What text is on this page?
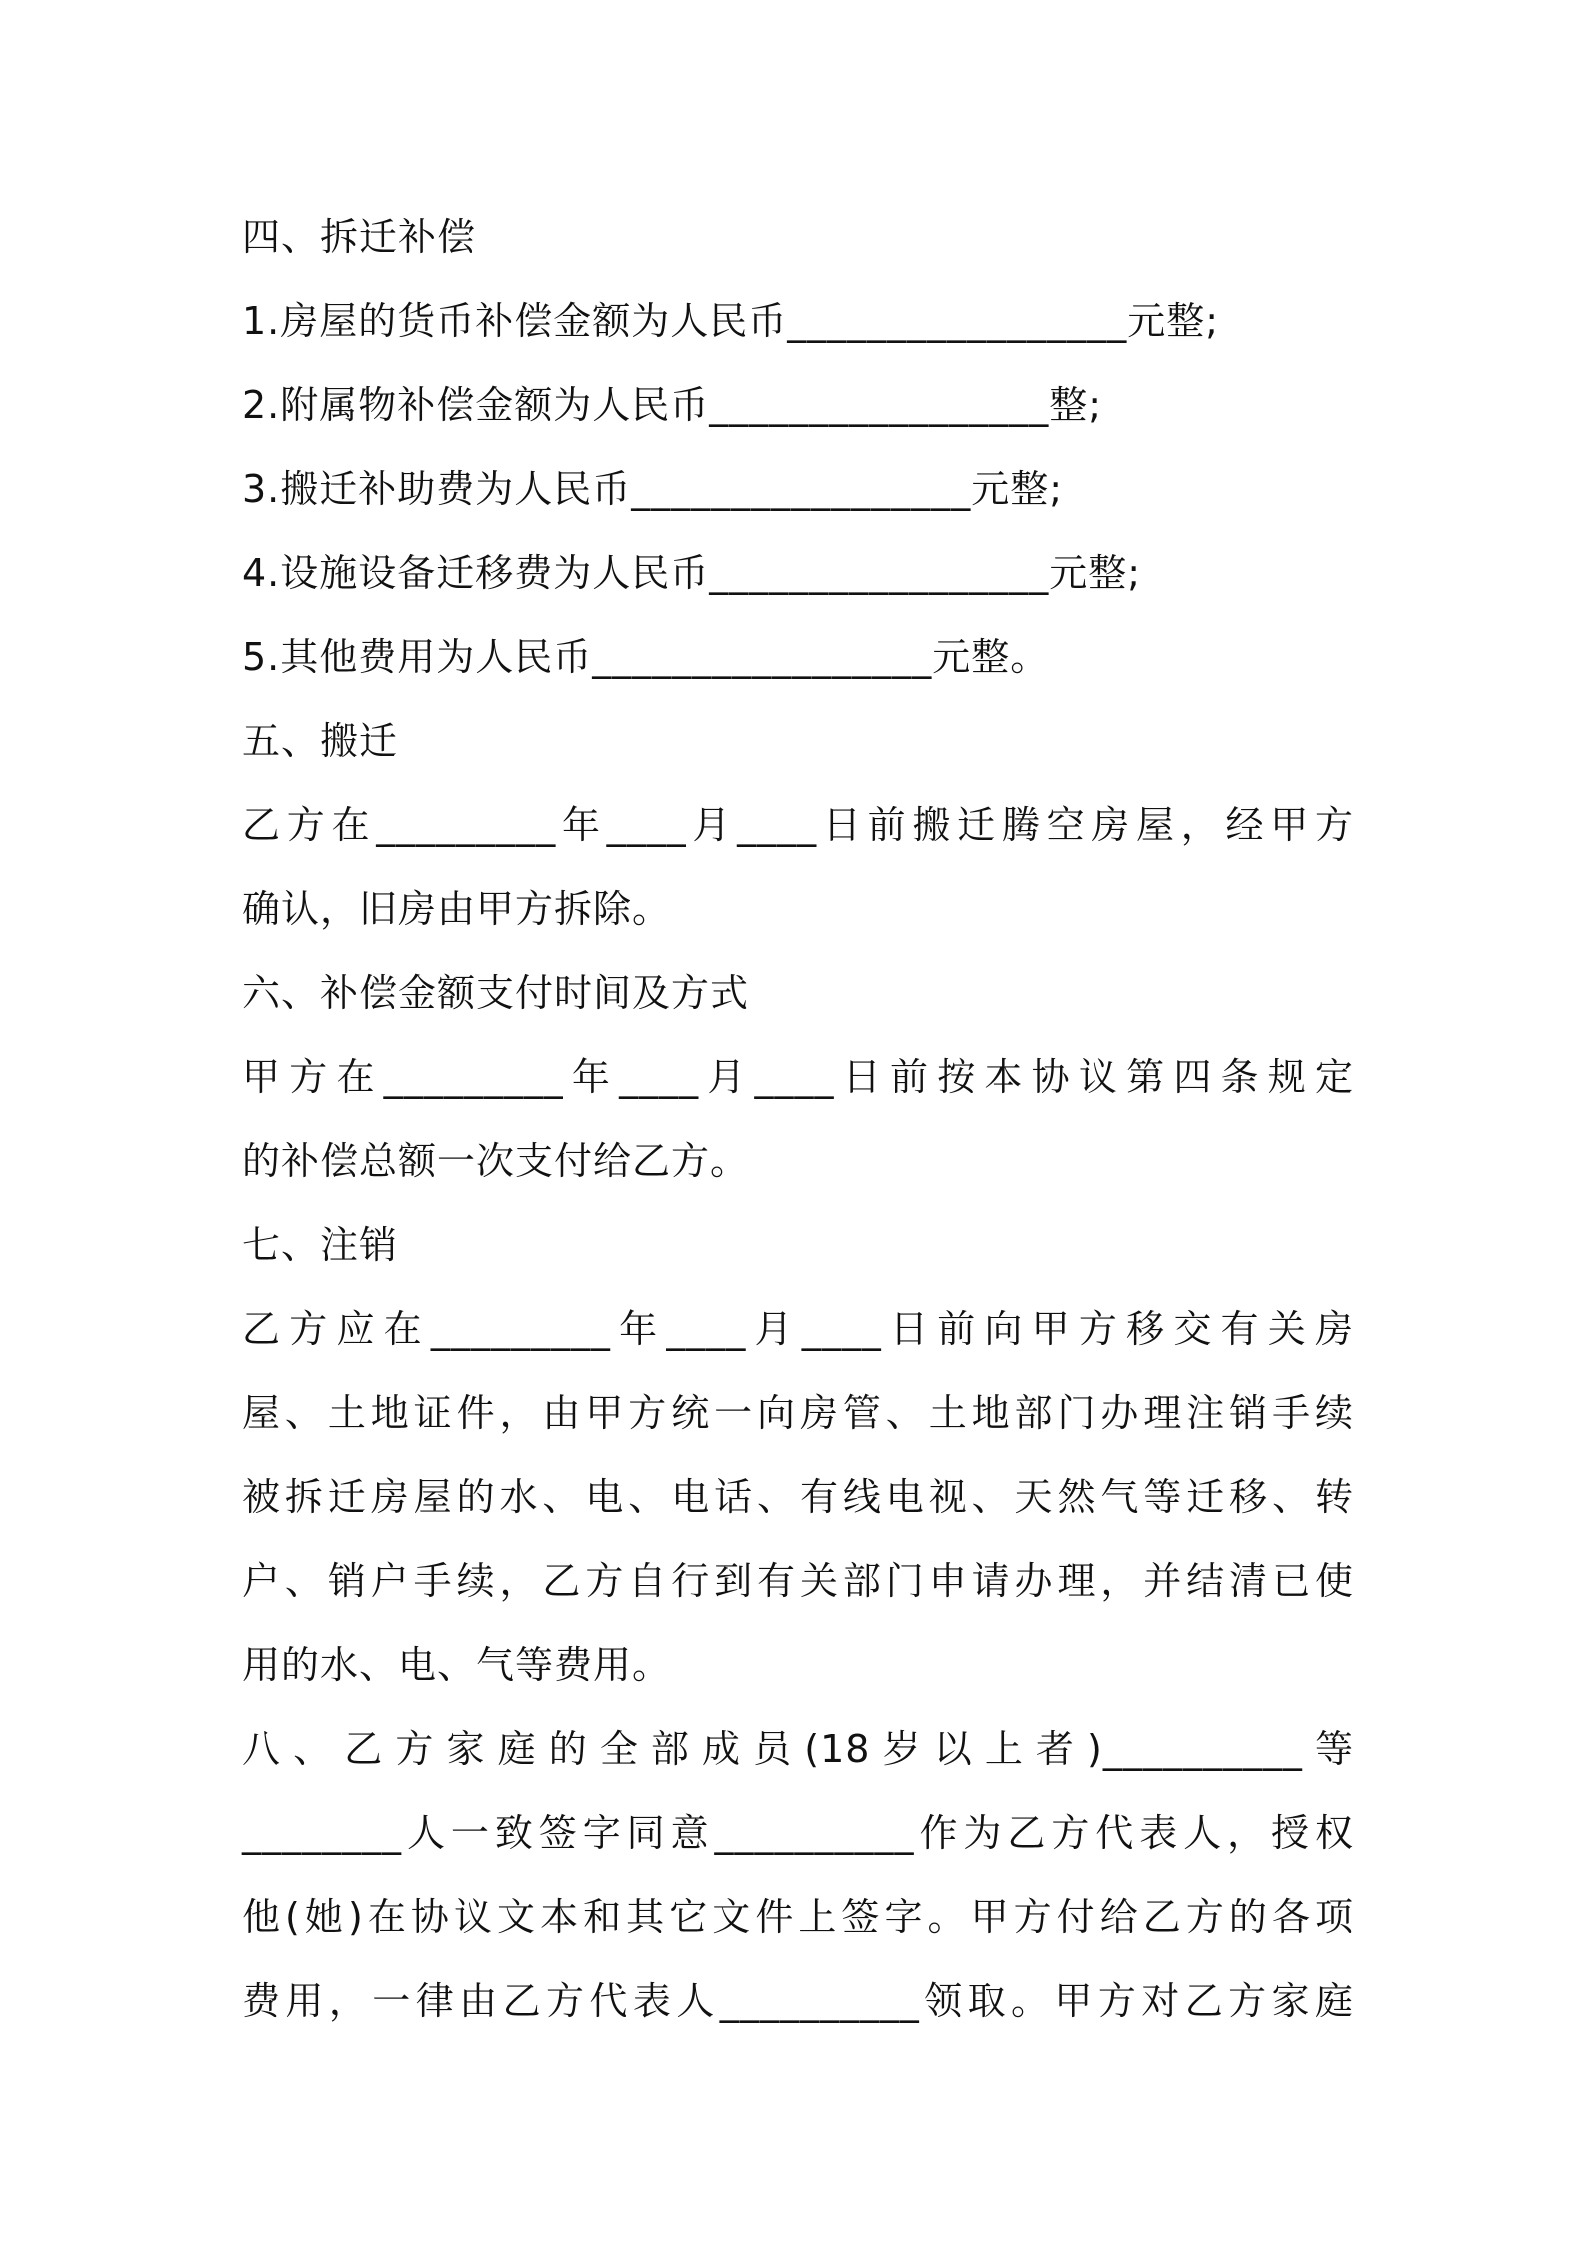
四、拆迁补偿
1.房屋的货币补偿金额为人民币_________________元整;
2.附属物补偿金额为人民币_________________整;
3.搬迁补助费为人民币_________________元整;
4.设施设备迁移费为人民币_________________元整;
5.其他费用为人民币_________________元整。
五、搬迁
乙方在_________年____月____日前搬迁腾空房屋，经甲方
确认，旧房由甲方拆除。
六、补偿金额支付时间及方式
甲方在_________年____月____日前按本协议第四条规定
的补偿总额一次支付给乙方。
七、注销
乙方应在_________年____月____日前向甲方移交有关房
屋、土地证件，由甲方统一向房管、土地部门办理注销手续
被拆迁房屋的水、电、电话、有线电视、天然气等迁移、转
户、销户手续，乙方自行到有关部门申请办理，并结清已使
用的水、电、气等费用。
八、乙方家庭的全部成员(18岁以上者)__________等
________人一致签字同意__________作为乙方代表人，授权
他(她)在协议文本和其它文件上签字。甲方付给乙方的各项
费用，一律由乙方代表人__________领取。甲方对乙方家庭
